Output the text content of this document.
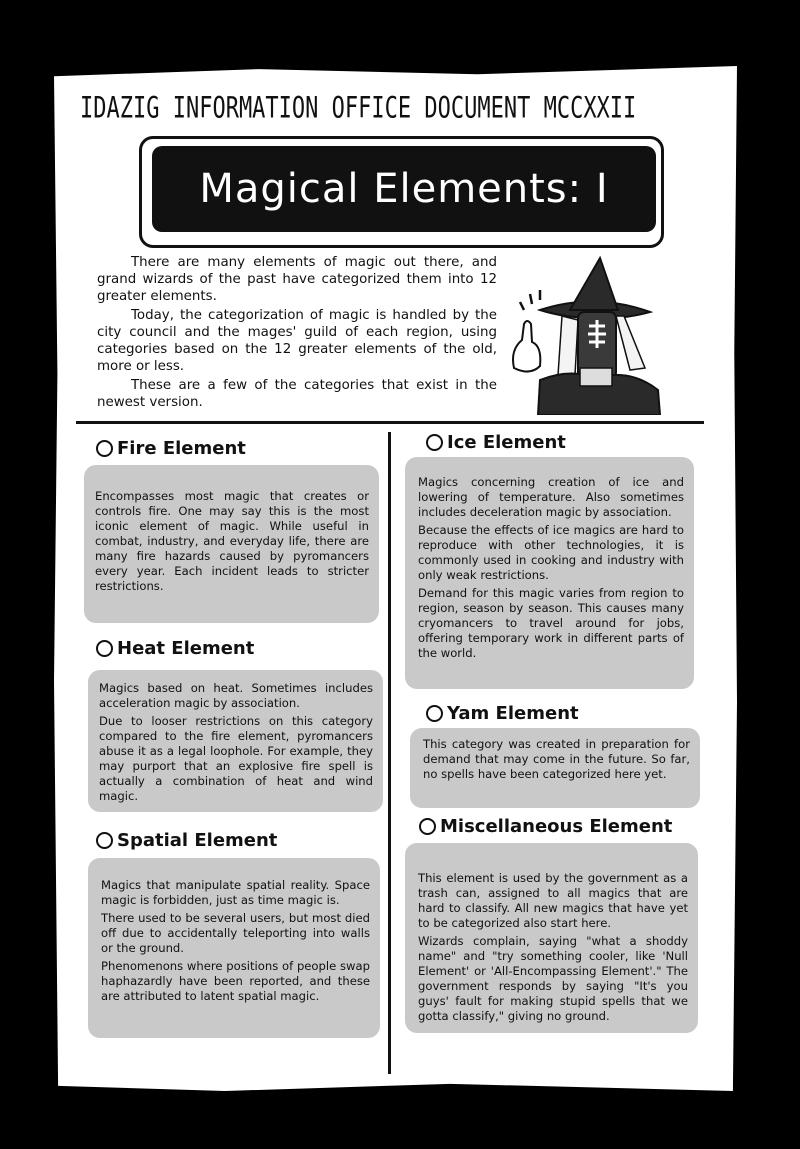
IDAZIG INFORMATION OFFICE DOCUMENT MCCXXII
Magical Elements: I

There are many elements of magic out there, and grand wizards of the past have categorized them into 12 greater elements.

Today, the categorization of magic is handled by the city council and the mages' guild of each region, using categories based on the 12 greater elements of the old, more or less.

These are a few of the categories that exist in the newest version.

Fire Element

Encompasses most magic that creates or controls fire. One may say this is the most iconic element of magic. While useful in combat, industry, and everyday life, there are many fire hazards caused by pyromancers every year. Each incident leads to stricter restrictions.

Heat Element

Magics based on heat. Sometimes includes acceleration magic by association.

Due to looser restrictions on this category compared to the fire element, pyromancers abuse it as a legal loophole. For example, they may purport that an explosive fire spell is actually a combination of heat and wind magic.

Spatial Element

Magics that manipulate spatial reality. Space magic is forbidden, just as time magic is.

There used to be several users, but most died off due to accidentally teleporting into walls or the ground.

Phenomenons where positions of people swap haphazardly have been reported, and these are attributed to latent spatial magic.

Ice Element

Magics concerning creation of ice and lowering of temperature. Also sometimes includes deceleration magic by association.

Because the effects of ice magics are hard to reproduce with other technologies, it is commonly used in cooking and industry with only weak restrictions.

Demand for this magic varies from region to region, season by season. This causes many cryomancers to travel around for jobs, offering temporary work in different parts of the world.

Yam Element

This category was created in preparation for demand that may come in the future. So far, no spells have been categorized here yet.

Miscellaneous Element

This element is used by the government as a trash can, assigned to all magics that are hard to classify. All new magics that have yet to be categorized also start here.

Wizards complain, saying "what a shoddy name" and "try something cooler, like 'Null Element' or 'All-Encompassing Element'." The government responds by saying "It's you guys' fault for making stupid spells that we gotta classify," giving no ground.
